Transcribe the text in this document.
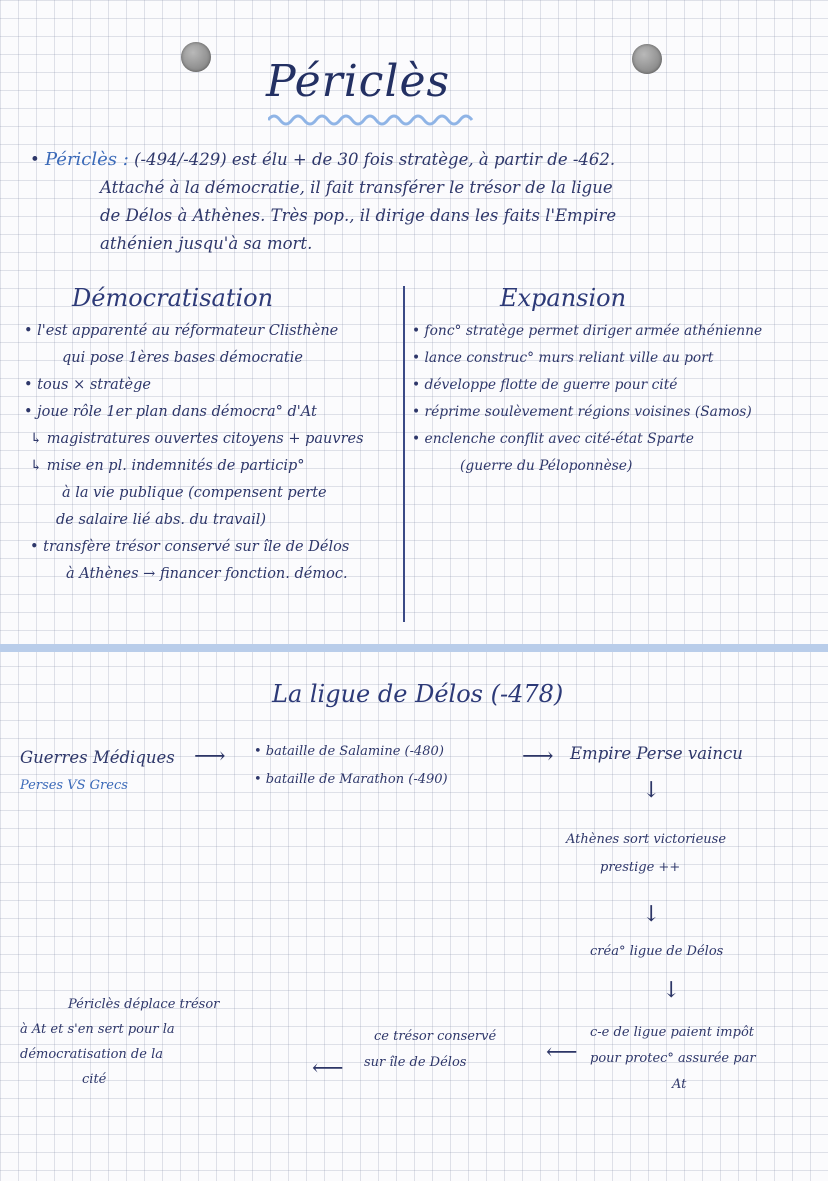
Périclès
• Périclès : (-494/-429) est élu + de 30 fois stratège, à partir de -462.
Attaché à la démocratie, il fait transférer le trésor de la ligue
de Délos à Athènes. Très pop., il dirige dans les faits l'Empire
athénien jusqu'à sa mort.
Démocratisation
• l'est apparenté au réformateur Clisthène
qui pose 1ères bases démocratie
• tous × stratège
• joue rôle 1er plan dans démocra° d'At
↳ magistratures ouvertes citoyens + pauvres
↳ mise en pl. indemnités de particip°
à la vie publique (compensent perte
de salaire lié abs. du travail)
• transfère trésor conservé sur île de Délos
à Athènes → financer fonction. démoc.
Expansion
• fonc° stratège permet diriger armée athénienne
• lance construc° murs reliant ville au port
• développe flotte de guerre pour cité
• réprime soulèvement régions voisines (Samos)
• enclenche conflit avec cité-état Sparte
(guerre du Péloponnèse)
La ligue de Délos (-478)
Guerres Médiques
Perses VS Grecs
⟶ • bataille de Salamine (-480)
• bataille de Marathon (-490)
⟶ Empire Perse vaincu
↓
Athènes sort victorieuse
prestige ++
↓
créa° ligue de Délos
↓
c-e de ligue paient impôt
pour protec° assurée par
At
⟵
ce trésor conservé
sur île de Délos
⟵
Périclès déplace trésor
à At et s'en sert pour la
démocratisation de la
cité
